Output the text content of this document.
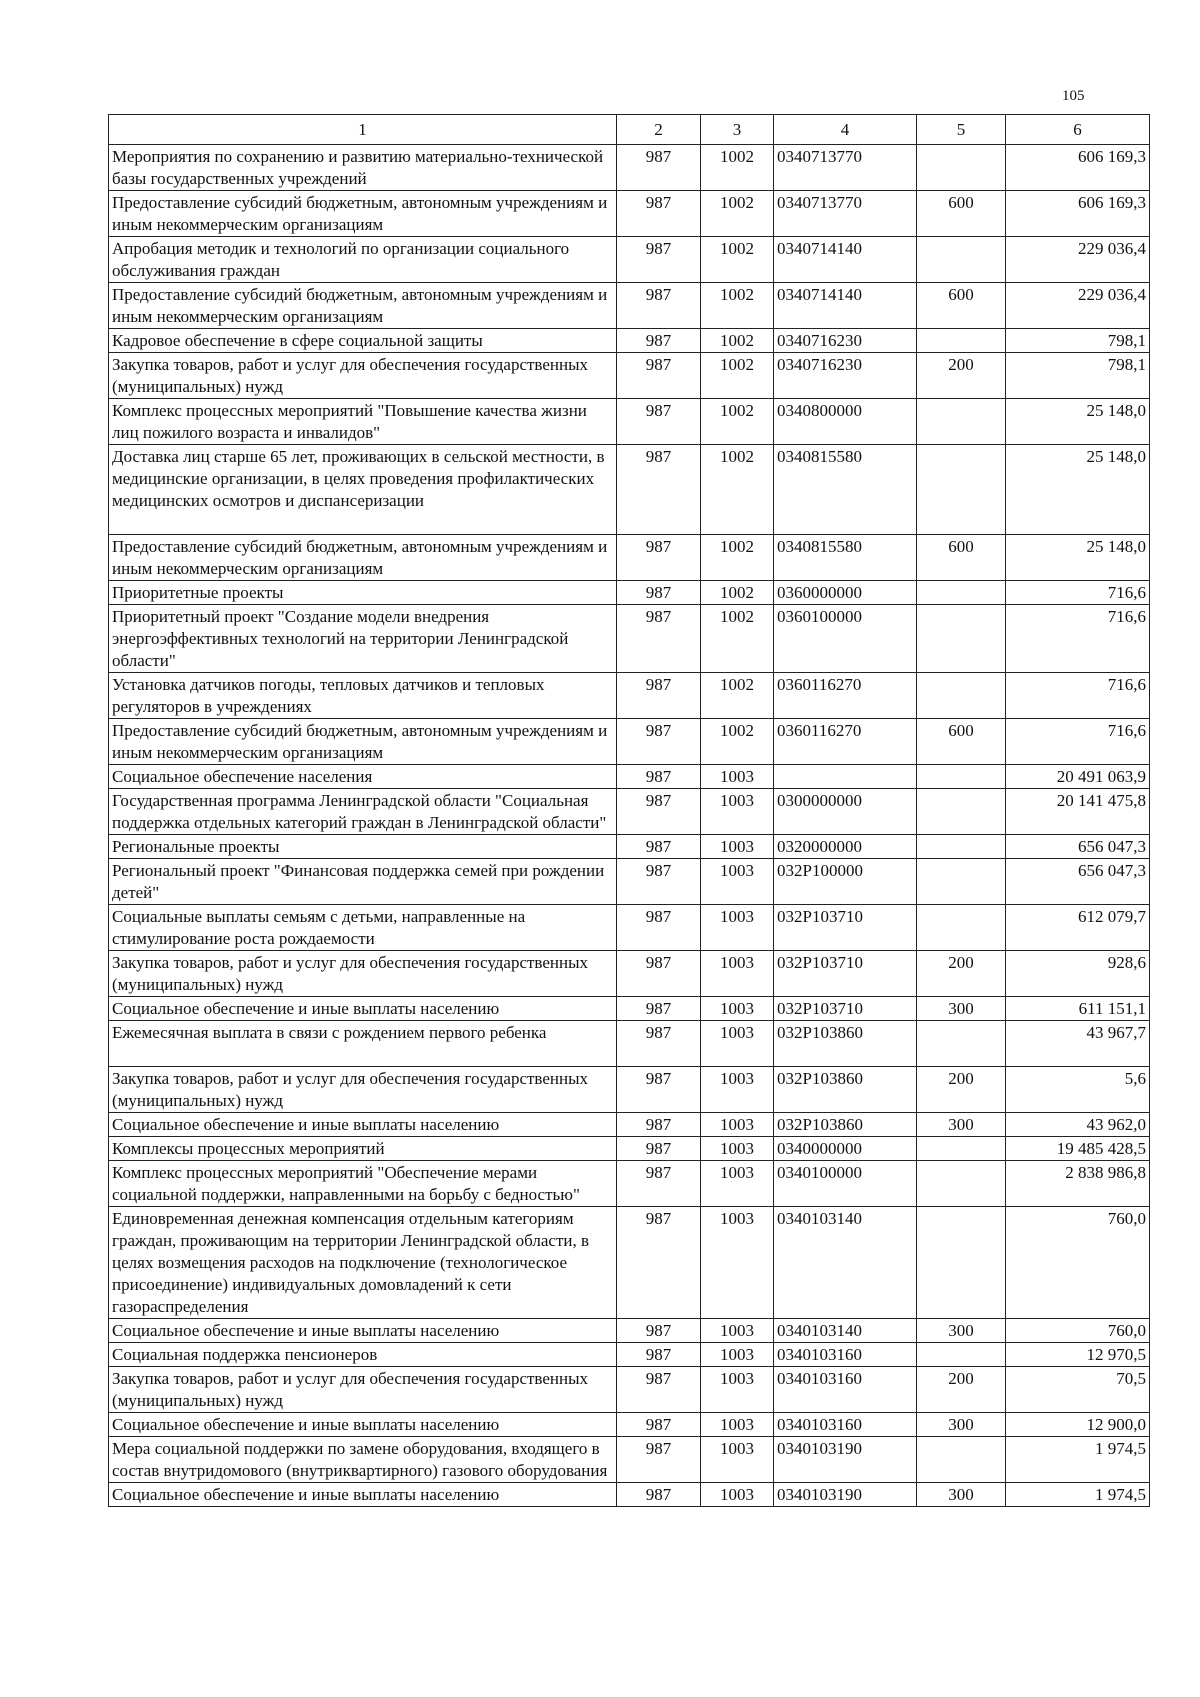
105
1	2	3	4	5	6
Мероприятия по сохранению и развитию материально-технической базы государственных учреждений	987	1002	0340713770		606 169,3
Предоставление субсидий бюджетным, автономным учреждениям и иным некоммерческим организациям	987	1002	0340713770	600	606 169,3
Апробация методик и технологий по организации социального обслуживания граждан	987	1002	0340714140		229 036,4
Предоставление субсидий бюджетным, автономным учреждениям и иным некоммерческим организациям	987	1002	0340714140	600	229 036,4
Кадровое обеспечение в сфере социальной защиты	987	1002	0340716230		798,1
Закупка товаров, работ и услуг для обеспечения государственных (муниципальных) нужд	987	1002	0340716230	200	798,1
Комплекс процессных мероприятий "Повышение качества жизни лиц пожилого возраста и инвалидов"	987	1002	0340800000		25 148,0
Доставка лиц старше 65 лет, проживающих в сельской местности, в медицинские организации, в целях проведения профилактических медицинских осмотров и диспансеризации	987	1002	0340815580		25 148,0
Предоставление субсидий бюджетным, автономным учреждениям и иным некоммерческим организациям	987	1002	0340815580	600	25 148,0
Приоритетные проекты	987	1002	0360000000		716,6
Приоритетный проект "Создание модели внедрения энергоэффективных технологий на территории Ленинградской области"	987	1002	0360100000		716,6
Установка датчиков погоды, тепловых датчиков и тепловых регуляторов в учреждениях	987	1002	0360116270		716,6
Предоставление субсидий бюджетным, автономным учреждениям и иным некоммерческим организациям	987	1002	0360116270	600	716,6
Социальное обеспечение населения	987	1003			20 491 063,9
Государственная программа Ленинградской области "Социальная поддержка отдельных категорий граждан в Ленинградской области"	987	1003	0300000000		20 141 475,8
Региональные проекты	987	1003	0320000000		656 047,3
Региональный проект "Финансовая поддержка семей при рождении детей"	987	1003	032P100000		656 047,3
Социальные выплаты семьям с детьми, направленные на стимулирование роста рождаемости	987	1003	032P103710		612 079,7
Закупка товаров, работ и услуг для обеспечения государственных (муниципальных) нужд	987	1003	032P103710	200	928,6
Социальное обеспечение и иные выплаты населению	987	1003	032P103710	300	611 151,1
Ежемесячная выплата в связи с рождением первого ребенка	987	1003	032P103860		43 967,7
Закупка товаров, работ и услуг для обеспечения государственных (муниципальных) нужд	987	1003	032P103860	200	5,6
Социальное обеспечение и иные выплаты населению	987	1003	032P103860	300	43 962,0
Комплексы процессных мероприятий	987	1003	0340000000		19 485 428,5
Комплекс процессных мероприятий "Обеспечение мерами социальной поддержки, направленными на борьбу с бедностью"	987	1003	0340100000		2 838 986,8
Единовременная денежная компенсация отдельным категориям граждан, проживающим на территории Ленинградской области, в целях возмещения расходов на подключение (технологическое присоединение) индивидуальных домовладений к сети газораспределения	987	1003	0340103140		760,0
Социальное обеспечение и иные выплаты населению	987	1003	0340103140	300	760,0
Социальная поддержка пенсионеров	987	1003	0340103160		12 970,5
Закупка товаров, работ и услуг для обеспечения государственных (муниципальных) нужд	987	1003	0340103160	200	70,5
Социальное обеспечение и иные выплаты населению	987	1003	0340103160	300	12 900,0
Мера социальной поддержки по замене оборудования, входящего в состав внутридомового (внутриквартирного) газового оборудования	987	1003	0340103190		1 974,5
Социальное обеспечение и иные выплаты населению	987	1003	0340103190	300	1 974,5
